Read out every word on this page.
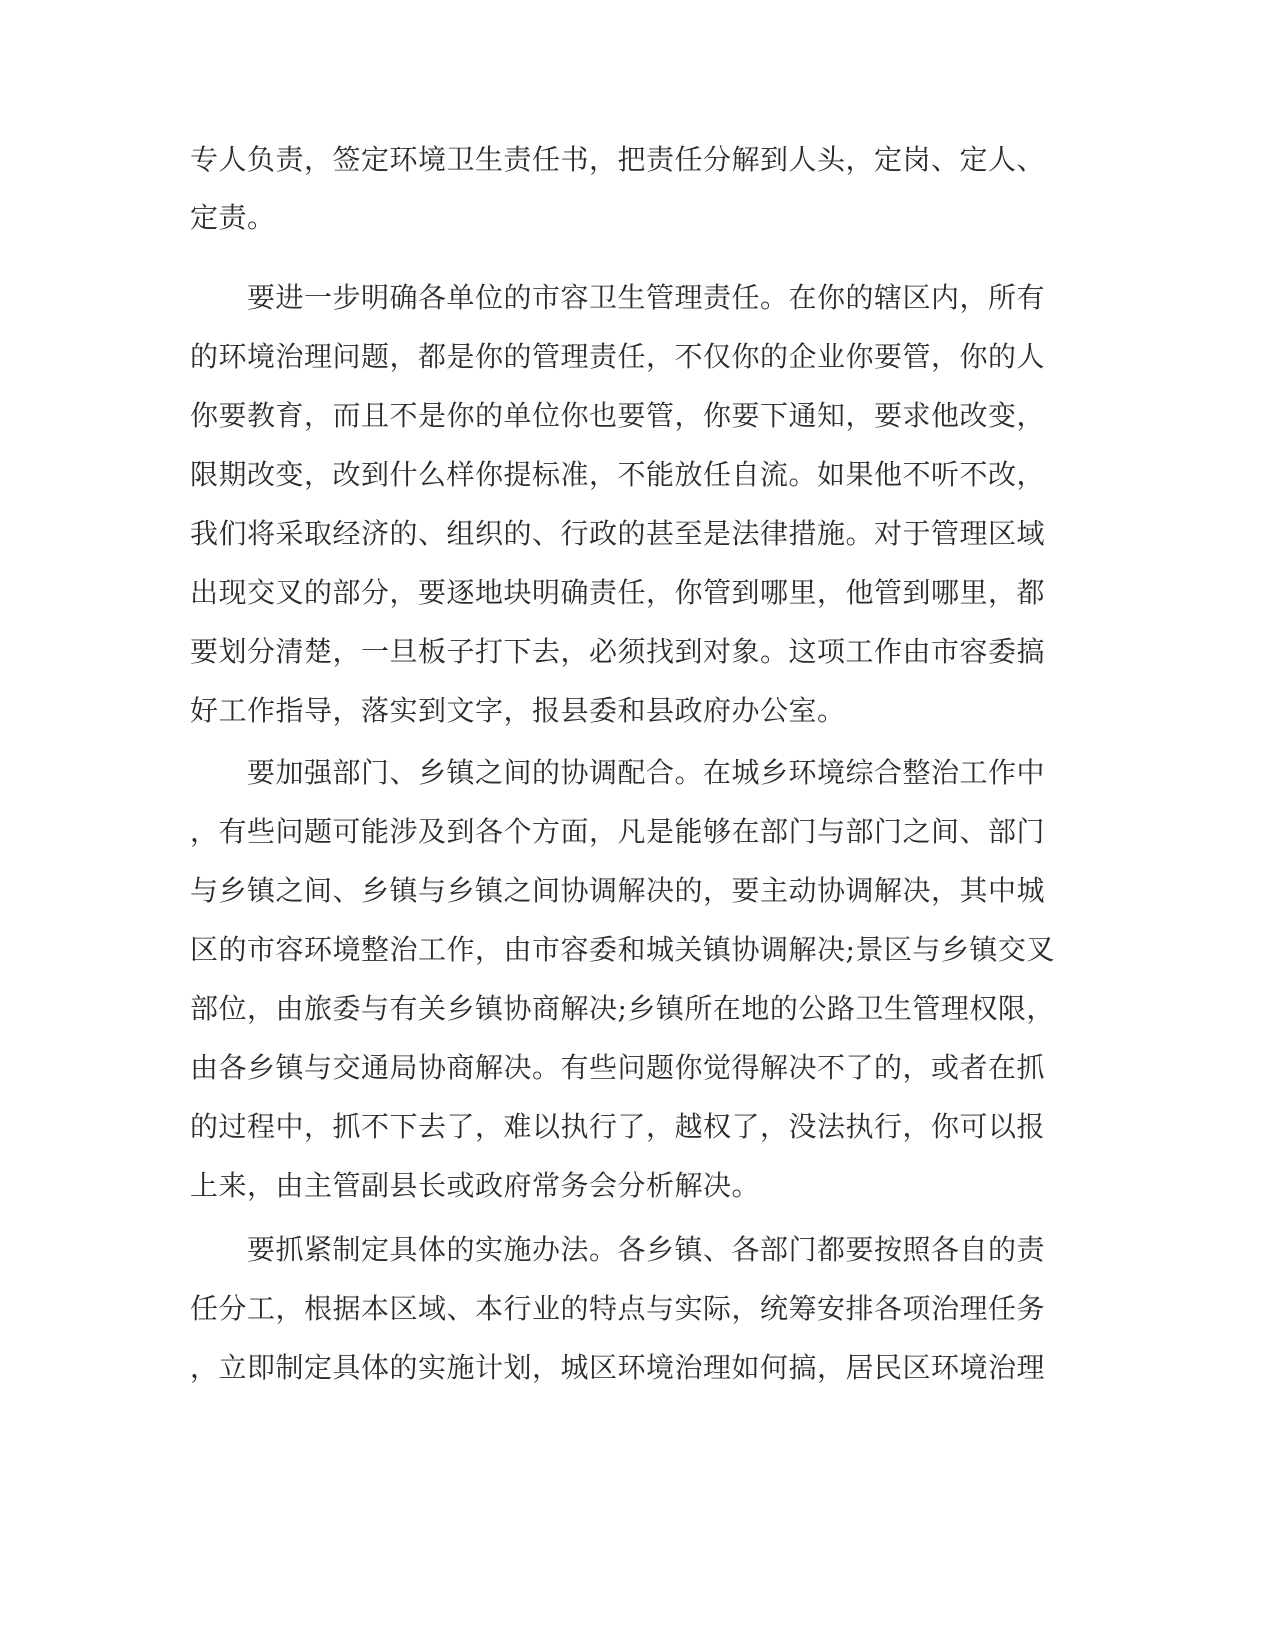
专人负责，签定环境卫生责任书，把责任分解到人头，定岗、定人、
定责。
　　要进一步明确各单位的市容卫生管理责任。在你的辖区内，所有
的环境治理问题，都是你的管理责任，不仅你的企业你要管，你的人
你要教育，而且不是你的单位你也要管，你要下通知，要求他改变，
限期改变，改到什么样你提标准，不能放任自流。如果他不听不改，
我们将采取经济的、组织的、行政的甚至是法律措施。对于管理区域
出现交叉的部分，要逐地块明确责任，你管到哪里，他管到哪里，都
要划分清楚，一旦板子打下去，必须找到对象。这项工作由市容委搞
好工作指导，落实到文字，报县委和县政府办公室。
　　要加强部门、乡镇之间的协调配合。在城乡环境综合整治工作中
，有些问题可能涉及到各个方面，凡是能够在部门与部门之间、部门
与乡镇之间、乡镇与乡镇之间协调解决的，要主动协调解决，其中城
区的市容环境整治工作，由市容委和城关镇协调解决;景区与乡镇交叉
部位，由旅委与有关乡镇协商解决;乡镇所在地的公路卫生管理权限，
由各乡镇与交通局协商解决。有些问题你觉得解决不了的，或者在抓
的过程中，抓不下去了，难以执行了，越权了，没法执行，你可以报
上来，由主管副县长或政府常务会分析解决。
　　要抓紧制定具体的实施办法。各乡镇、各部门都要按照各自的责
任分工，根据本区域、本行业的特点与实际，统筹安排各项治理任务
，立即制定具体的实施计划，城区环境治理如何搞，居民区环境治理
